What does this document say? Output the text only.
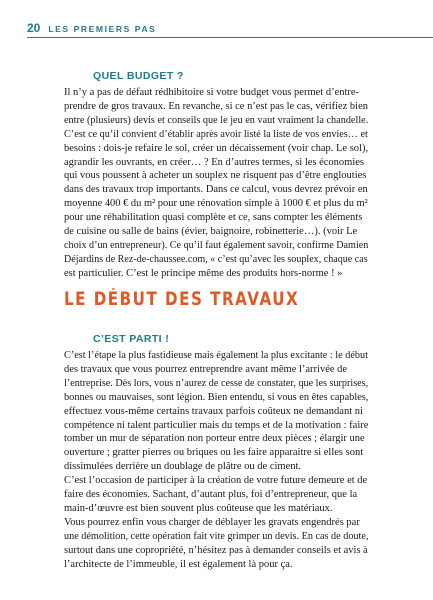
20 LES PREMIERS PAS
QUEL BUDGET ?
Il n’y a pas de défaut rédhibitoire si votre budget vous permet d’entre-
prendre de gros travaux. En revanche, si ce n’est pas le cas, vérifiez bien
entre (plusieurs) devis et conseils que le jeu en vaut vraiment la chandelle.
C’est ce qu’il convient d’établir après avoir listé la liste de vos envies… et
besoins : dois-je refaire le sol, créer un décaissement (voir chap. Le sol),
agrandir les ouvrants, en créer… ? En d’autres termes, si les économies
qui vous poussent à acheter un souplex ne risquent pas d’être englouties
dans des travaux trop importants. Dans ce calcul, vous devrez prévoir en
moyenne 400 € du m² pour une rénovation simple à 1000 € et plus du m²
pour une réhabilitation quasi complète et ce, sans compter les éléments
de cuisine ou salle de bains (évier, baignoire, robinetterie…). (voir Le
choix d’un entrepreneur). Ce qu’il faut également savoir, confirme Damien
Déjardins de Rez-de-chaussee.com, « c’est qu’avec les souplex, chaque cas
est particulier. C’est le principe même des produits hors-norme ! »
LE DÉBUT DES TRAVAUX
C’EST PARTI !
C’est l’étape la plus fastidieuse mais également la plus excitante : le début
des travaux que vous pourrez entreprendre avant même l’arrivée de
l’entreprise. Dès lors, vous n’aurez de cesse de constater, que les surprises,
bonnes ou mauvaises, sont légion. Bien entendu, si vous en êtes capables,
effectuez vous-même certains travaux parfois coûteux ne demandant ni
compétence ni talent particulier mais du temps et de la motivation : faire
tomber un mur de séparation non porteur entre deux pièces ; élargir une
ouverture ; gratter pierres ou briques ou les faire apparaitre si elles sont
dissimulées derrière un doublage de plâtre ou de ciment.
C’est l’occasion de participer à la création de votre future demeure et de
faire des économies. Sachant, d’autant plus, foi d’entrepreneur, que la
main-d’œuvre est bien souvent plus coûteuse que les matériaux.
Vous pourrez enfin vous charger de déblayer les gravats engendrés par
une démolition, cette opération fait vite grimper un devis. En cas de doute,
surtout dans une copropriété, n’hésitez pas à demander conseils et avis à
l’architecte de l’immeuble, il est également là pour ça.
